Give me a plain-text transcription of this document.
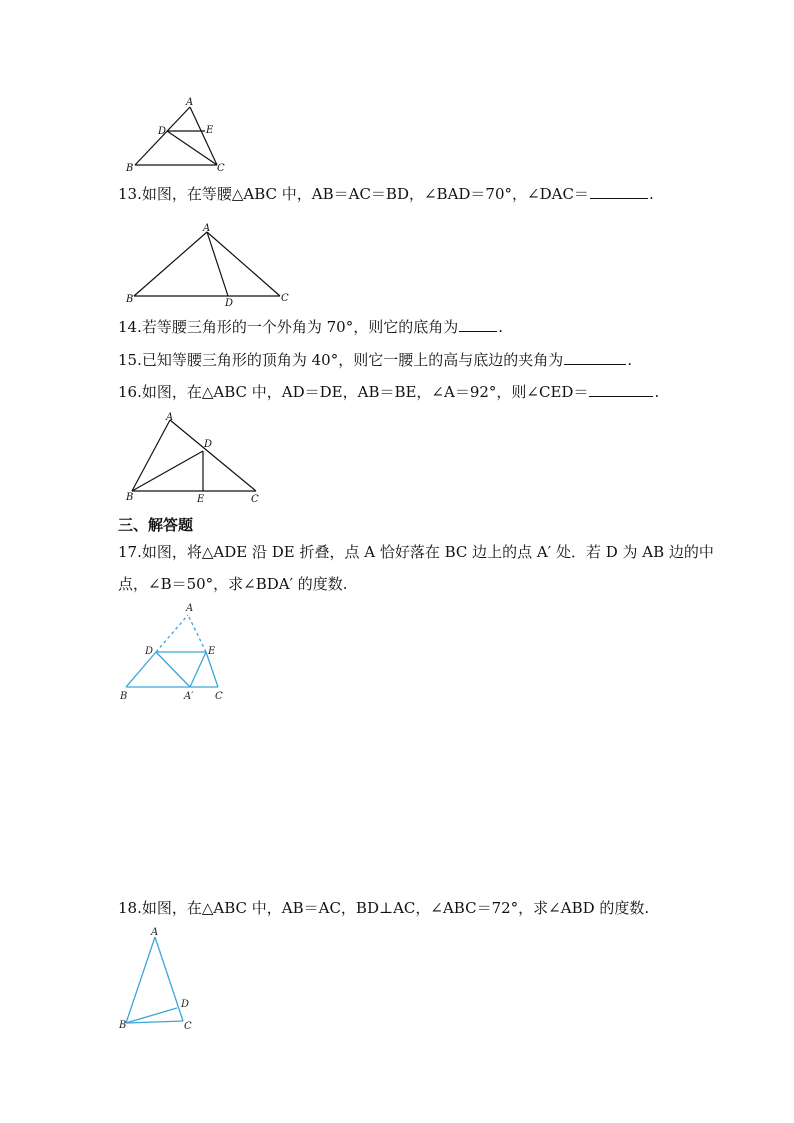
A
D	E
B	C
13.如图，在等腰△ABC 中，AB＝AC＝BD，∠BAD＝70°，∠DAC＝	.
A
B	D	C
14.若等腰三角形的一个外角为 70°，则它的底角为	.
15.已知等腰三角形的顶角为 40°，则它一腰上的高与底边的夹角为	.
16.如图，在△ABC 中，AD＝DE，AB＝BE，∠A＝92°，则∠CED＝	.
A
D
B	E	C
三、解答题
17.如图，将△ADE 沿 DE 折叠，点 A 恰好落在 BC 边上的点 A′ 处．若 D 为 AB 边的中
点，∠B＝50°，求∠BDA′ 的度数.
A
D	E
B	A′ C
18.如图，在△ABC 中，AB＝AC，BD⊥AC，∠ABC＝72°，求∠ABD 的度数.
A
D
B	C
